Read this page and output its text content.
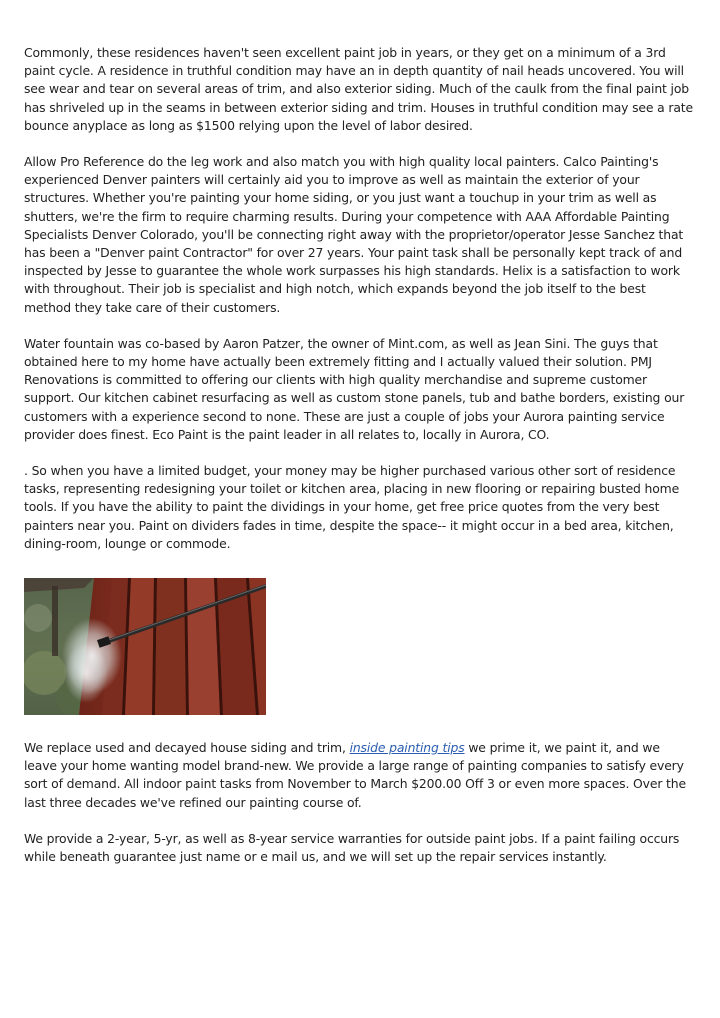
Commonly, these residences haven't seen excellent paint job in years, or they get on a minimum of a 3rd paint cycle. A residence in truthful condition may have an in depth quantity of nail heads uncovered. You will see wear and tear on several areas of trim, and also exterior siding. Much of the caulk from the final paint job has shriveled up in the seams in between exterior siding and trim. Houses in truthful condition may see a rate bounce anyplace as long as $1500 relying upon the level of labor desired.

Allow Pro Reference do the leg work and also match you with high quality local painters. Calco Painting's experienced Denver painters will certainly aid you to improve as well as maintain the exterior of your structures. Whether you're painting your home siding, or you just want a touchup in your trim as well as shutters, we're the firm to require charming results. During your competence with AAA Affordable Painting Specialists Denver Colorado, you'll be connecting right away with the proprietor/operator Jesse Sanchez that has been a "Denver paint Contractor" for over 27 years. Your paint task shall be personally kept track of and inspected by Jesse to guarantee the whole work surpasses his high standards. Helix is a satisfaction to work with throughout. Their job is specialist and high notch, which expands beyond the job itself to the best method they take care of their customers.

Water fountain was co-based by Aaron Patzer, the owner of Mint.com, as well as Jean Sini. The guys that obtained here to my home have actually been extremely fitting and I actually valued their solution. PMJ Renovations is committed to offering our clients with high quality merchandise and supreme customer support. Our kitchen cabinet resurfacing as well as custom stone panels, tub and bathe borders, existing our customers with a experience second to none. These are just a couple of jobs your Aurora painting service provider does finest. Eco Paint is the paint leader in all relates to, locally in Aurora, CO.

. So when you have a limited budget, your money may be higher purchased various other sort of residence tasks, representing redesigning your toilet or kitchen area, placing in new flooring or repairing busted home tools. If you have the ability to paint the dividings in your home, get free price quotes from the very best painters near you. Paint on dividers fades in time, despite the space-- it might occur in a bed area, kitchen, dining-room, lounge or commode.

We replace used and decayed house siding and trim, inside painting tips we prime it, we paint it, and we leave your home wanting model brand-new. We provide a large range of painting companies to satisfy every sort of demand. All indoor paint tasks from November to March $200.00 Off 3 or even more spaces. Over the last three decades we've refined our painting course of.

We provide a 2-year, 5-yr, as well as 8-year service warranties for outside paint jobs. If a paint failing occurs while beneath guarantee just name or e mail us, and we will set up the repair services instantly.
